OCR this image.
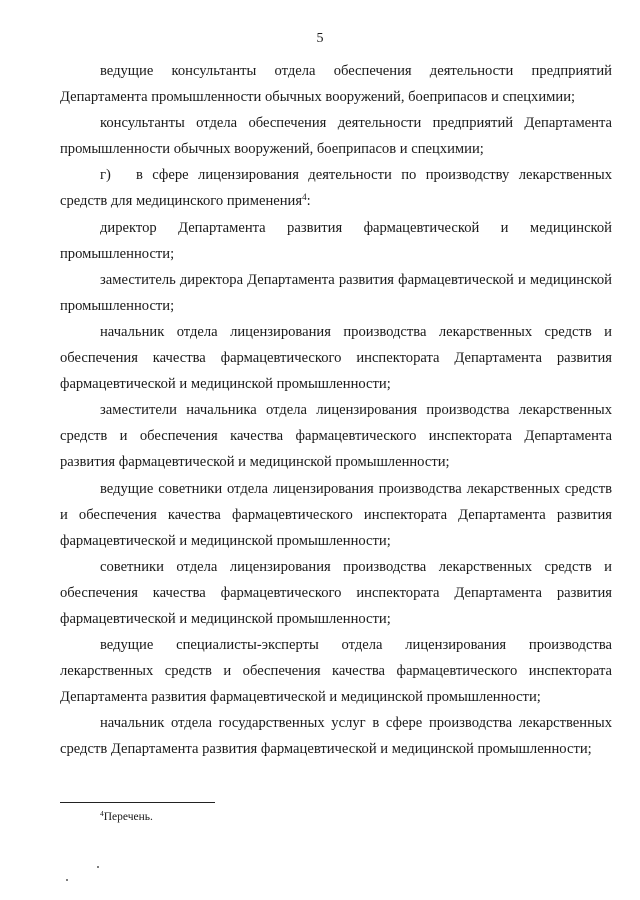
5

ведущие консультанты отдела обеспечения деятельности предприятий Департамента промышленности обычных вооружений, боеприпасов и спецхимии;

консультанты отдела обеспечения деятельности предприятий Департамента промышленности обычных вооружений, боеприпасов и спецхимии;

г) в сфере лицензирования деятельности по производству лекарственных средств для медицинского применения$^4$:

директор Департамента развития фармацевтической и медицинской промышленности;

заместитель директора Департамента развития фармацевтической и медицинской промышленности;

начальник отдела лицензирования производства лекарственных средств и обеспечения качества фармацевтического инспектората Департамента развития фармацевтической и медицинской промышленности;

заместители начальника отдела лицензирования производства лекарственных средств и обеспечения качества фармацевтического инспектората Департамента развития фармацевтической и медицинской промышленности;

ведущие советники отдела лицензирования производства лекарственных средств и обеспечения качества фармацевтического инспектората Департамента развития фармацевтической и медицинской промышленности;

советники отдела лицензирования производства лекарственных средств и обеспечения качества фармацевтического инспектората Департамента развития фармацевтической и медицинской промышленности;

ведущие специалисты-эксперты отдела лицензирования производства лекарственных средств и обеспечения качества фармацевтического инспектората Департамента развития фармацевтической и медицинской промышленности;

начальник отдела государственных услуг в сфере производства лекарственных средств Департамента развития фармацевтической и медицинской промышленности;

$^4$Перечень.
